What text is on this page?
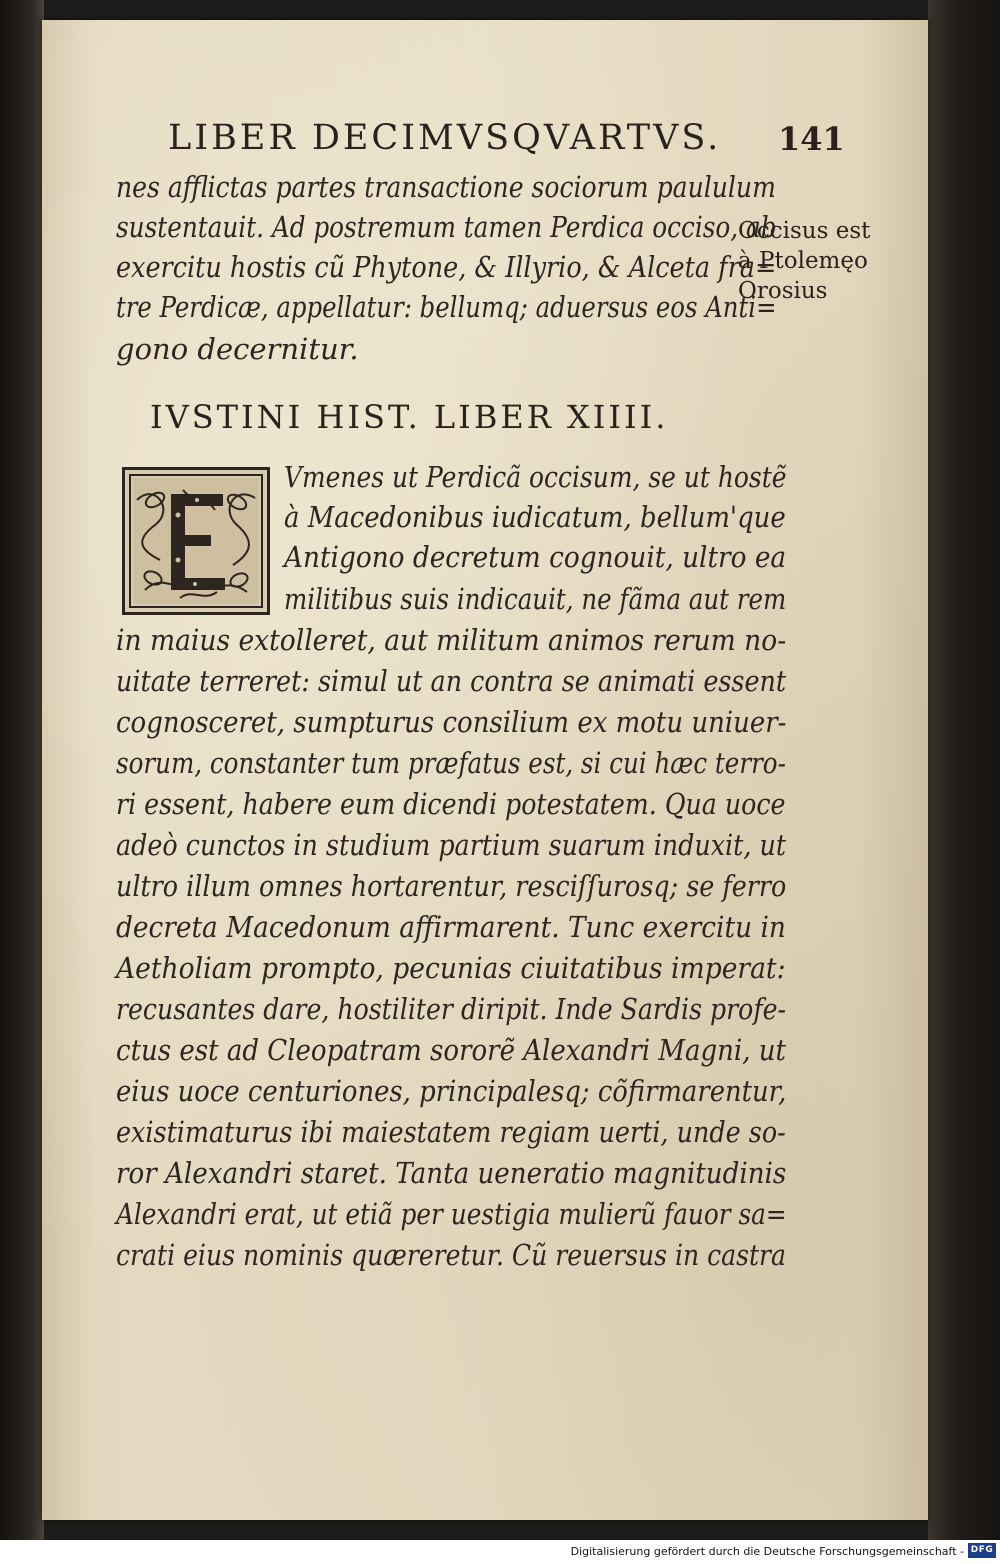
LIBER DECIMVSQVARTVS. 141
nes afflictas partes transactione sociorum paululum
sustentauit. Ad postremum tamen Perdica occiso, ab
exercitu hostis cũ Phytone, & Illyrio, & Alceta fra=
tre Perdicæ, appellatur: bellumq; aduersus eos Anti=
gono decernitur.
Occisus est
à Ptolemęo
Orosius
IVSTINI HIST. LIBER XIIII.
Vmenes ut Perdicã occisum, se ut hostẽ
à Macedonibus iudicatum, bellum'que
Antigono decretum cognouit, ultro ea
militibus suis indicauit, ne fãma aut rem
in maius extolleret, aut militum animos rerum no-
uitate terreret: simul ut an contra se animati essent
cognosceret, sumpturus consilium ex motu uniuer-
sorum, constanter tum præfatus est, si cui hæc terro-
ri essent, habere eum dicendi potestatem. Qua uoce
adeò cunctos in studium partium suarum induxit, ut
ultro illum omnes hortarentur, resciſſurosq; se ferro
decreta Macedonum affirmarent. Tunc exercitu in
Aetholiam prompto, pecunias ciuitatibus imperat:
recusantes dare, hostiliter diripit. Inde Sardis profe-
ctus est ad Cleopatram sororẽ Alexandri Magni, ut
eius uoce centuriones, principalesq; cõfirmarentur,
existimaturus ibi maiestatem regiam uerti, unde so-
ror Alexandri staret. Tanta ueneratio magnitudinis
Alexandri erat, ut etiã per uestigia mulierũ fauor sa=
crati eius nominis quæreretur. Cũ reuersus in castra
Digitalisierung gefördert durch die Deutsche Forschungsgemeinschaft - DFG
